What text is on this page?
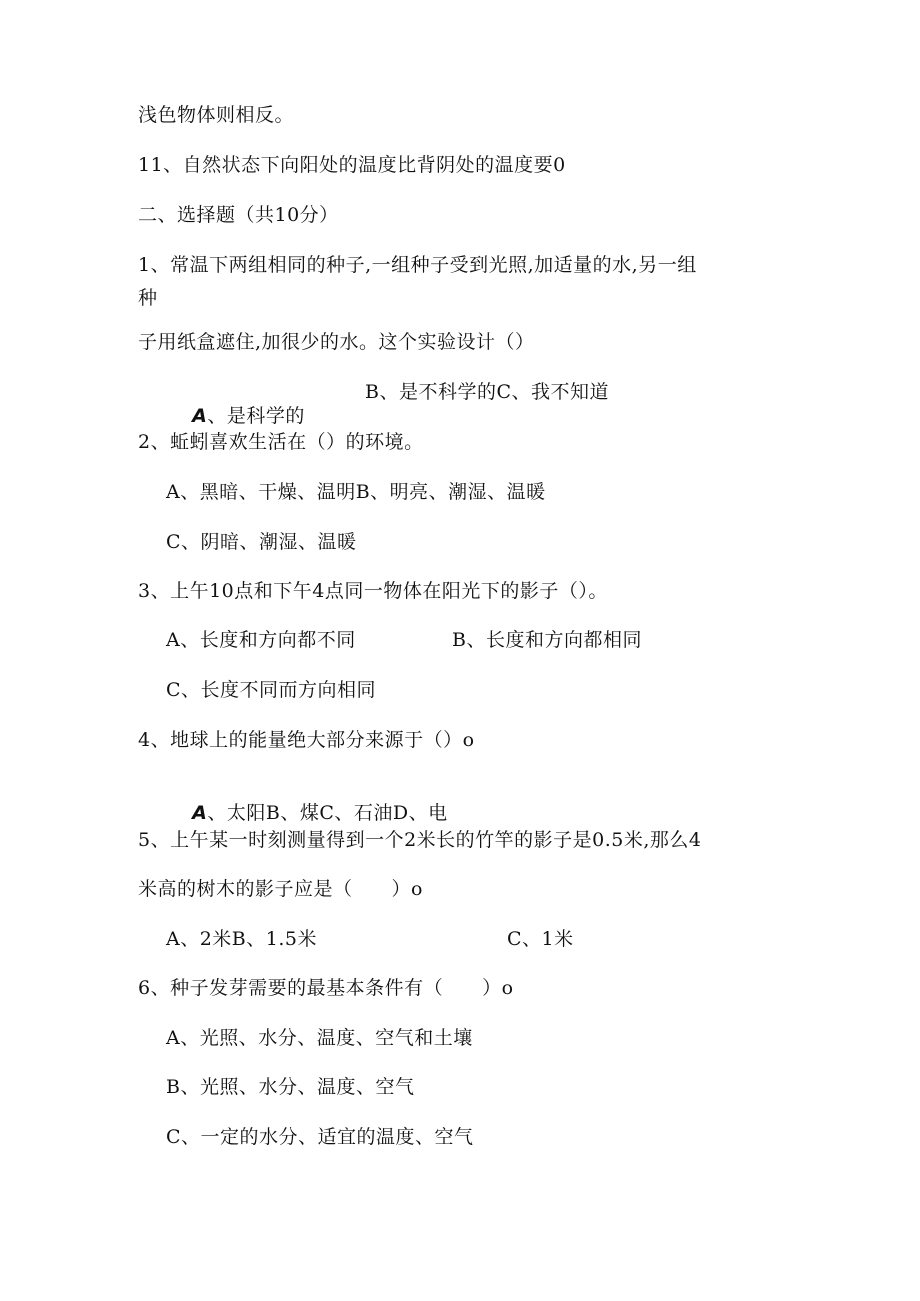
浅色物体则相反。
11、自然状态下向阳处的温度比背阴处的温度要0
二、选择题（共10分）
1、常温下两组相同的种子,一组种子受到光照,加适量的水,另一组
种
子用纸盒遮住,加很少的水。这个实验设计（）

A、是科学的

B、是不科学的C、我不知道
2、蚯蚓喜欢生活在（）的环境。
A、黑暗、干燥、温明B、明亮、潮湿、温暖
C、阴暗、潮湿、温暖
3、上午10点和下午4点同一物体在阳光下的影子（）。
A、长度和方向都不同	B、长度和方向都相同
C、长度不同而方向相同
4、地球上的能量绝大部分来源于（）o

A、太阳B、煤C、石油D、电

5、上午某一时刻测量得到一个2米长的竹竿的影子是0.5米,那么4
米高的树木的影子应是（　　）o
A、2米B、1.5米	C、1米
6、种子发芽需要的最基本条件有（　　）o
A、光照、水分、温度、空气和土壤
B、光照、水分、温度、空气
C、一定的水分、适宜的温度、空气
